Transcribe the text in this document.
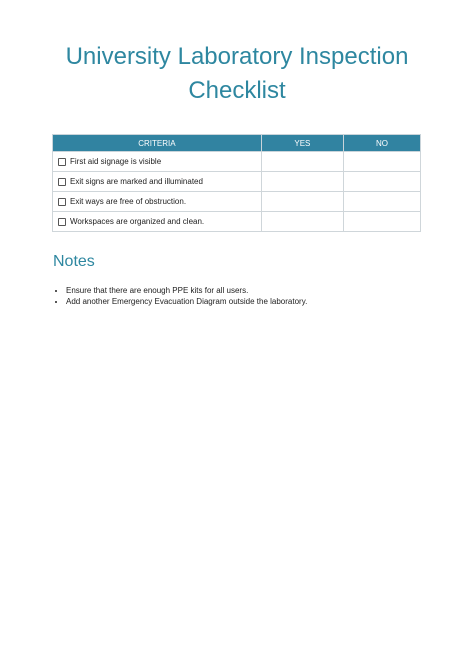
University Laboratory Inspection Checklist
CRITERIA	YES	NO

First aid signage is visible		

Exit signs are marked and illuminated		

Exit ways are free of obstruction.		

Workspaces are organized and clean.		

Notes
• Ensure that there are enough PPE kits for all users.
• Add another Emergency Evacuation Diagram outside the laboratory.
